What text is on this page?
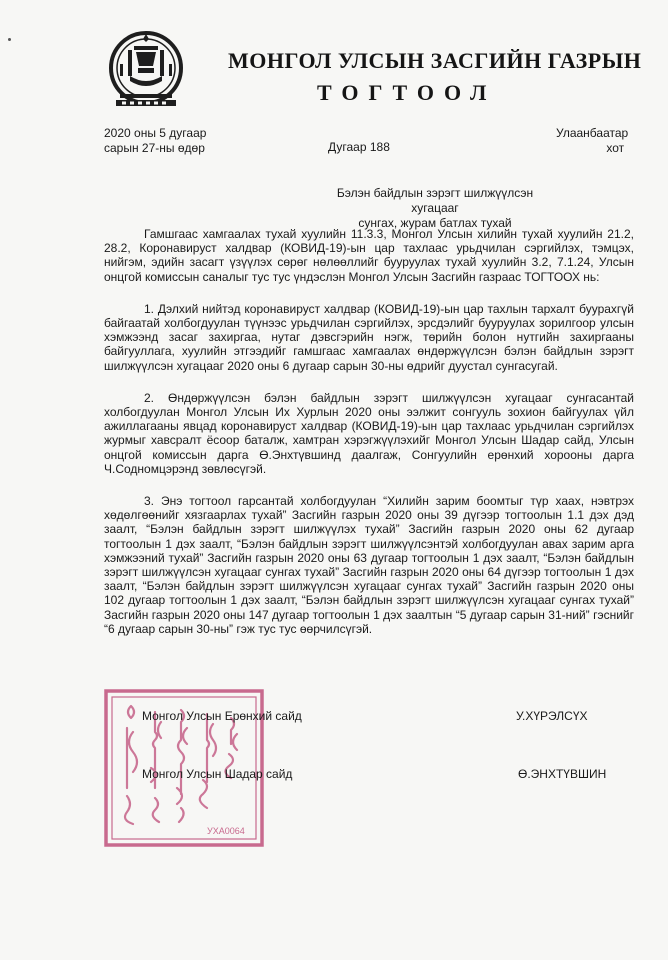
МОНГОЛ УЛСЫН ЗАСГИЙН ГАЗРЫН
ТОГТООЛ
2020 оны 5 дугаар
сарын 27-ны өдөр	Дугаар 188
Улаанбаатар
хот
Бэлэн байдлын зэрэгт шилжүүлсэн хугацааг
сунгах, журам батлах тухай

Гамшгаас хамгаалах тухай хуулийн 11.3.3, Монгол Улсын хилийн тухай хуулийн 21.2, 28.2, Коронавируст халдвар (КОВИД-19)-ын цар тахлаас урьдчилан сэргийлэх, тэмцэх, нийгэм, эдийн засагт үзүүлэх сөрөг нөлөөллийг бууруулах тухай хуулийн 3.2, 7.1.24, Улсын онцгой комиссын саналыг тус тус үндэслэн Монгол Улсын Засгийн газраас ТОГТООХ нь:

1. Дэлхий нийтэд коронавируст халдвар (КОВИД-19)-ын цар тахлын тархалт буурахгүй байгаатай холбогдуулан түүнээс урьдчилан сэргийлэх, эрсдэлийг бууруулах зорилгоор улсын хэмжээнд засаг захиргаа, нутаг дэвсгэрийн нэгж, төрийн болон нутгийн захиргааны байгууллага, хуулийн этгээдийг гамшгаас хамгаалах өндөржүүлсэн бэлэн байдлын зэрэгт шилжүүлсэн хугацааг 2020 оны 6 дугаар сарын 30-ны өдрийг дуустал сунгасугай.

2. Өндөржүүлсэн бэлэн байдлын зэрэгт шилжүүлсэн хугацааг сунгасантай холбогдуулан Монгол Улсын Их Хурлын 2020 оны ээлжит сонгууль зохион байгуулах үйл ажиллагааны явцад коронавируст халдвар (КОВИД-19)-ын цар тахлаас урьдчилан сэргийлэх журмыг хавсралт ёсоор баталж, хамтран хэрэгжүүлэхийг Монгол Улсын Шадар сайд, Улсын онцгой комиссын дарга Ө.Энхтүвшинд даалгаж, Сонгуулийн ерөнхий хорооны дарга Ч.Содномцэрэнд зөвлөсүгэй.

3. Энэ тогтоол гарсантай холбогдуулан “Хилийн зарим боомтыг түр хаах, нэвтрэх хөдөлгөөнийг хязгаарлах тухай” Засгийн газрын 2020 оны 39 дүгээр тогтоолын 1.1 дэх дэд заалт, “Бэлэн байдлын зэрэгт шилжүүлэх тухай” Засгийн газрын 2020 оны 62 дугаар тогтоолын 1 дэх заалт, “Бэлэн байдлын зэрэгт шилжүүлсэнтэй холбогдуулан авах зарим арга хэмжээний тухай” Засгийн газрын 2020 оны 63 дугаар тогтоолын 1 дэх заалт, “Бэлэн байдлын зэрэгт шилжүүлсэн хугацааг сунгах тухай” Засгийн газрын 2020 оны 64 дүгээр тогтоолын 1 дэх заалт, “Бэлэн байдлын зэрэгт шилжүүлсэн хугацааг сунгах тухай” Засгийн газрын 2020 оны 102 дугаар тогтоолын 1 дэх заалт, “Бэлэн байдлын зэрэгт шилжүүлсэн хугацааг сунгах тухай” Засгийн газрын 2020 оны 147 дугаар тогтоолын 1 дэх заалтын “5 дугаар сарын 31-ний” гэснийг “6 дугаар сарын 30-ны” гэж тус тус өөрчилсүгэй.

УХА0064
Монгол Улсын Ерөнхий сайд	У.ХҮРЭЛСҮХ
Монгол Улсын Шадар сайд	Ө.ЭНХТҮВШИН
